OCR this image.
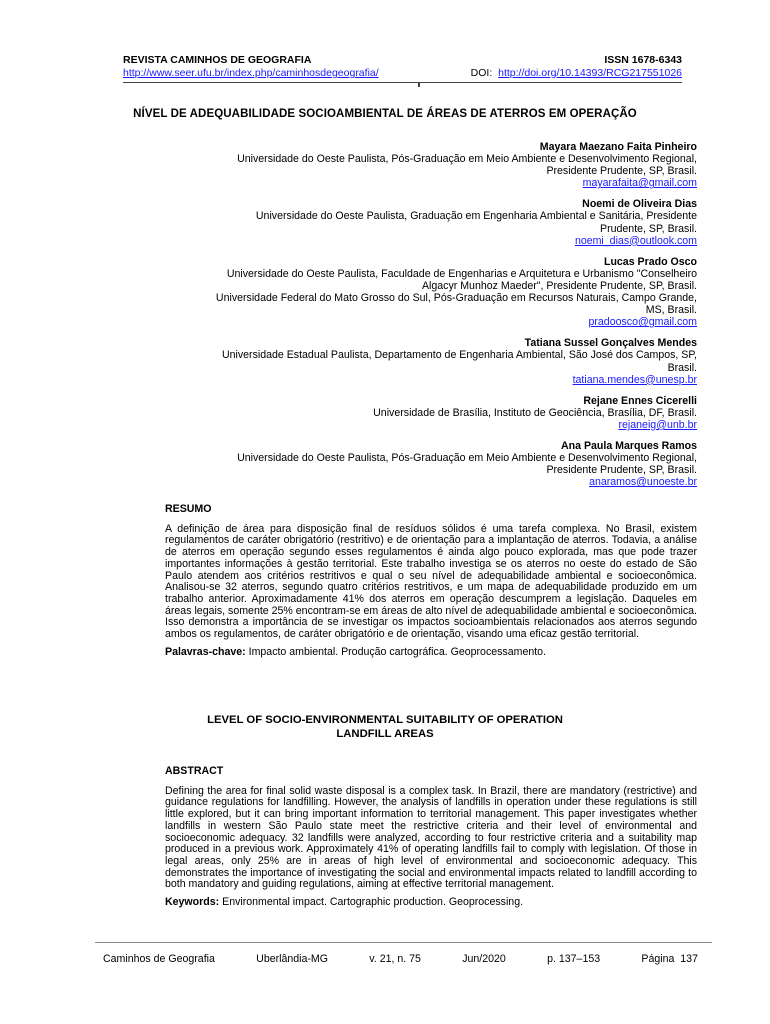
REVISTA CAMINHOS DE GEOGRAFIA	ISSN 1678-6343
http://www.seer.ufu.br/index.php/caminhosdegeografia/	DOI: http://doi.org/10.14393/RCG217551026
NÍVEL DE ADEQUABILIDADE SOCIOAMBIENTAL DE ÁREAS DE ATERROS EM OPERAÇÃO
Mayara Maezano Faita Pinheiro
Universidade do Oeste Paulista, Pós-Graduação em Meio Ambiente e Desenvolvimento Regional,
Presidente Prudente, SP, Brasil.
mayarafaita@gmail.com
Noemi de Oliveira Dias
Universidade do Oeste Paulista, Graduação em Engenharia Ambiental e Sanitária, Presidente
Prudente, SP, Brasil.
noemi_dias@outlook.com
Lucas Prado Osco
Universidade do Oeste Paulista, Faculdade de Engenharias e Arquitetura e Urbanismo "Conselheiro
Algacyr Munhoz Maeder", Presidente Prudente, SP, Brasil.
Universidade Federal do Mato Grosso do Sul, Pós-Graduação em Recursos Naturais, Campo Grande,
MS, Brasil.
pradoosco@gmail.com
Tatiana Sussel Gonçalves Mendes
Universidade Estadual Paulista, Departamento de Engenharia Ambiental, São José dos Campos, SP,
Brasil.
tatiana.mendes@unesp.br
Rejane Ennes Cicerelli
Universidade de Brasília, Instituto de Geociência, Brasília, DF, Brasil.
rejaneig@unb.br
Ana Paula Marques Ramos
Universidade do Oeste Paulista, Pós-Graduação em Meio Ambiente e Desenvolvimento Regional,
Presidente Prudente, SP, Brasil.
anaramos@unoeste.br
RESUMO

A definição de área para disposição final de resíduos sólidos é uma tarefa complexa. No Brasil, existem regulamentos de caráter obrigatório (restritivo) e de orientação para a implantação de aterros. Todavia, a análise de aterros em operação segundo esses regulamentos é ainda algo pouco explorada, mas que pode trazer importantes informações à gestão territorial. Este trabalho investiga se os aterros no oeste do estado de São Paulo atendem aos critérios restritivos e qual o seu nível de adequabilidade ambiental e socioeconômica. Analisou-se 32 aterros, segundo quatro critérios restritivos, e um mapa de adequabilidade produzido em um trabalho anterior. Aproximadamente 41% dos aterros em operação descumprem a legislação. Daqueles em áreas legais, somente 25% encontram-se em áreas de alto nível de adequabilidade ambiental e socioeconômica. Isso demonstra a importância de se investigar os impactos socioambientais relacionados aos aterros segundo ambos os regulamentos, de caráter obrigatório e de orientação, visando uma eficaz gestão territorial.

Palavras-chave: Impacto ambiental. Produção cartográfica. Geoprocessamento.

LEVEL OF SOCIO-ENVIRONMENTAL SUITABILITY OF OPERATION
LANDFILL AREAS
ABSTRACT

Defining the area for final solid waste disposal is a complex task. In Brazil, there are mandatory (restrictive) and guidance regulations for landfilling. However, the analysis of landfills in operation under these regulations is still little explored, but it can bring important information to territorial management. This paper investigates whether landfills in western São Paulo state meet the restrictive criteria and their level of environmental and socioeconomic adequacy. 32 landfills were analyzed, according to four restrictive criteria and a suitability map produced in a previous work. Approximately 41% of operating landfills fail to comply with legislation. Of those in legal areas, only 25% are in areas of high level of environmental and socioeconomic adequacy. This demonstrates the importance of investigating the social and environmental impacts related to landfill according to both mandatory and guiding regulations, aiming at effective territorial management.

Keywords: Environmental impact. Cartographic production. Geoprocessing.

Caminhos de Geografia	Uberlândia-MG	v. 21, n. 75	Jun/2020	p. 137–153	Página  137
